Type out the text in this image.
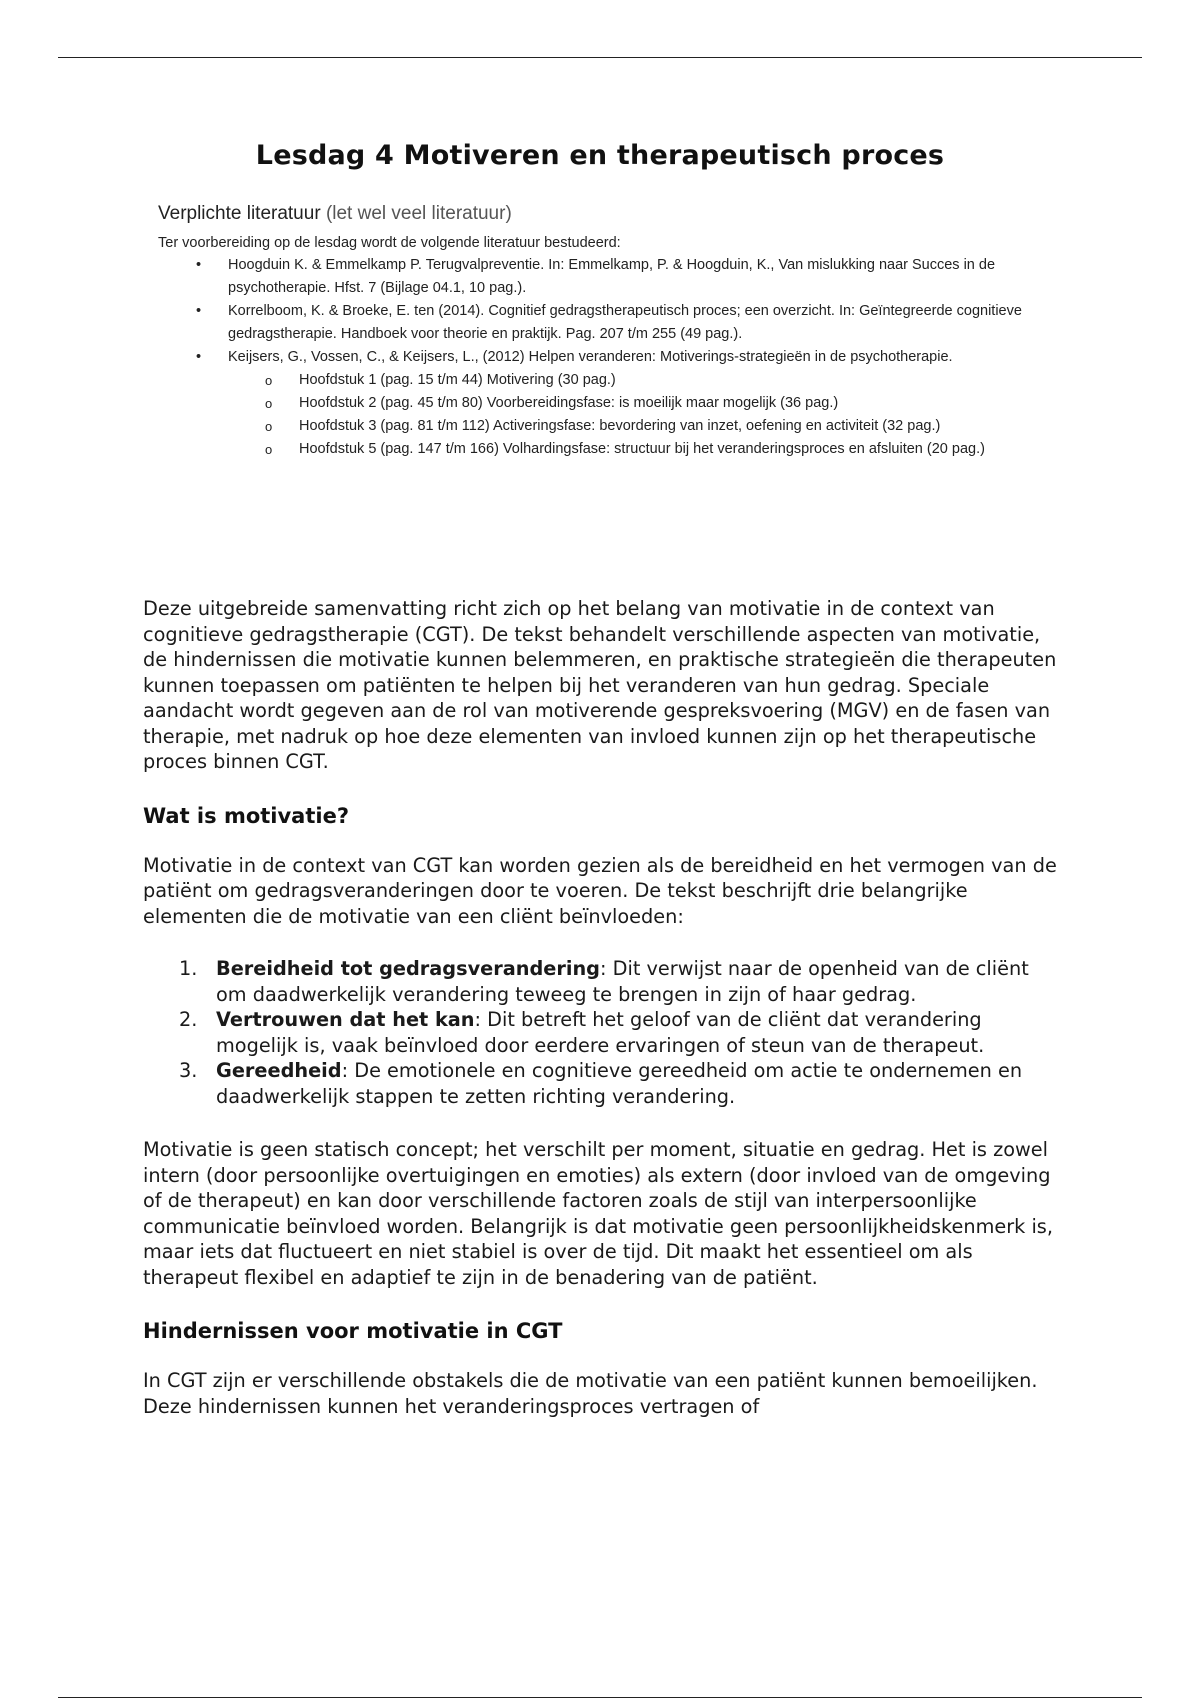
Lesdag 4 Motiveren en therapeutisch proces
Verplichte literatuur (let wel veel literatuur)
Ter voorbereiding op de lesdag wordt de volgende literatuur bestudeerd:
• Hoogduin K. & Emmelkamp P. Terugvalpreventie. In: Emmelkamp, P. & Hoogduin, K., Van mislukking naar Succes in de psychotherapie. Hfst. 7 (Bijlage 04.1, 10 pag.).
• Korrelboom, K. & Broeke, E. ten (2014). Cognitief gedragstherapeutisch proces; een overzicht. In: Geïntegreerde cognitieve gedragstherapie. Handboek voor theorie en praktijk. Pag. 207 t/m 255 (49 pag.).
• Keijsers, G., Vossen, C., & Keijsers, L., (2012) Helpen veranderen: Motiverings-strategieën in de psychotherapie.
o Hoofdstuk 1 (pag. 15 t/m 44) Motivering (30 pag.)
o Hoofdstuk 2 (pag. 45 t/m 80) Voorbereidingsfase: is moeilijk maar mogelijk (36 pag.)
o Hoofdstuk 3 (pag. 81 t/m 112) Activeringsfase: bevordering van inzet, oefening en activiteit (32 pag.)
o Hoofdstuk 5 (pag. 147 t/m 166) Volhardingsfase: structuur bij het veranderingsproces en afsluiten (20 pag.)

Deze uitgebreide samenvatting richt zich op het belang van motivatie in de context van cognitieve gedragstherapie (CGT). De tekst behandelt verschillende aspecten van motivatie, de hindernissen die motivatie kunnen belemmeren, en praktische strategieën die therapeuten kunnen toepassen om patiënten te helpen bij het veranderen van hun gedrag. Speciale aandacht wordt gegeven aan de rol van motiverende gespreksvoering (MGV) en de fasen van therapie, met nadruk op hoe deze elementen van invloed kunnen zijn op het therapeutische proces binnen CGT.

Wat is motivatie?

Motivatie in de context van CGT kan worden gezien als de bereidheid en het vermogen van de patiënt om gedragsveranderingen door te voeren. De tekst beschrijft drie belangrijke elementen die de motivatie van een cliënt beïnvloeden:

1. Bereidheid tot gedragsverandering: Dit verwijst naar de openheid van de cliënt om daadwerkelijk verandering teweeg te brengen in zijn of haar gedrag.
2. Vertrouwen dat het kan: Dit betreft het geloof van de cliënt dat verandering mogelijk is, vaak beïnvloed door eerdere ervaringen of steun van de therapeut.
3. Gereedheid: De emotionele en cognitieve gereedheid om actie te ondernemen en daadwerkelijk stappen te zetten richting verandering.

Motivatie is geen statisch concept; het verschilt per moment, situatie en gedrag. Het is zowel intern (door persoonlijke overtuigingen en emoties) als extern (door invloed van de omgeving of de therapeut) en kan door verschillende factoren zoals de stijl van interpersoonlijke communicatie beïnvloed worden. Belangrijk is dat motivatie geen persoonlijkheidskenmerk is, maar iets dat fluctueert en niet stabiel is over de tijd. Dit maakt het essentieel om als therapeut flexibel en adaptief te zijn in de benadering van de patiënt.

Hindernissen voor motivatie in CGT

In CGT zijn er verschillende obstakels die de motivatie van een patiënt kunnen bemoeilijken. Deze hindernissen kunnen het veranderingsproces vertragen of
